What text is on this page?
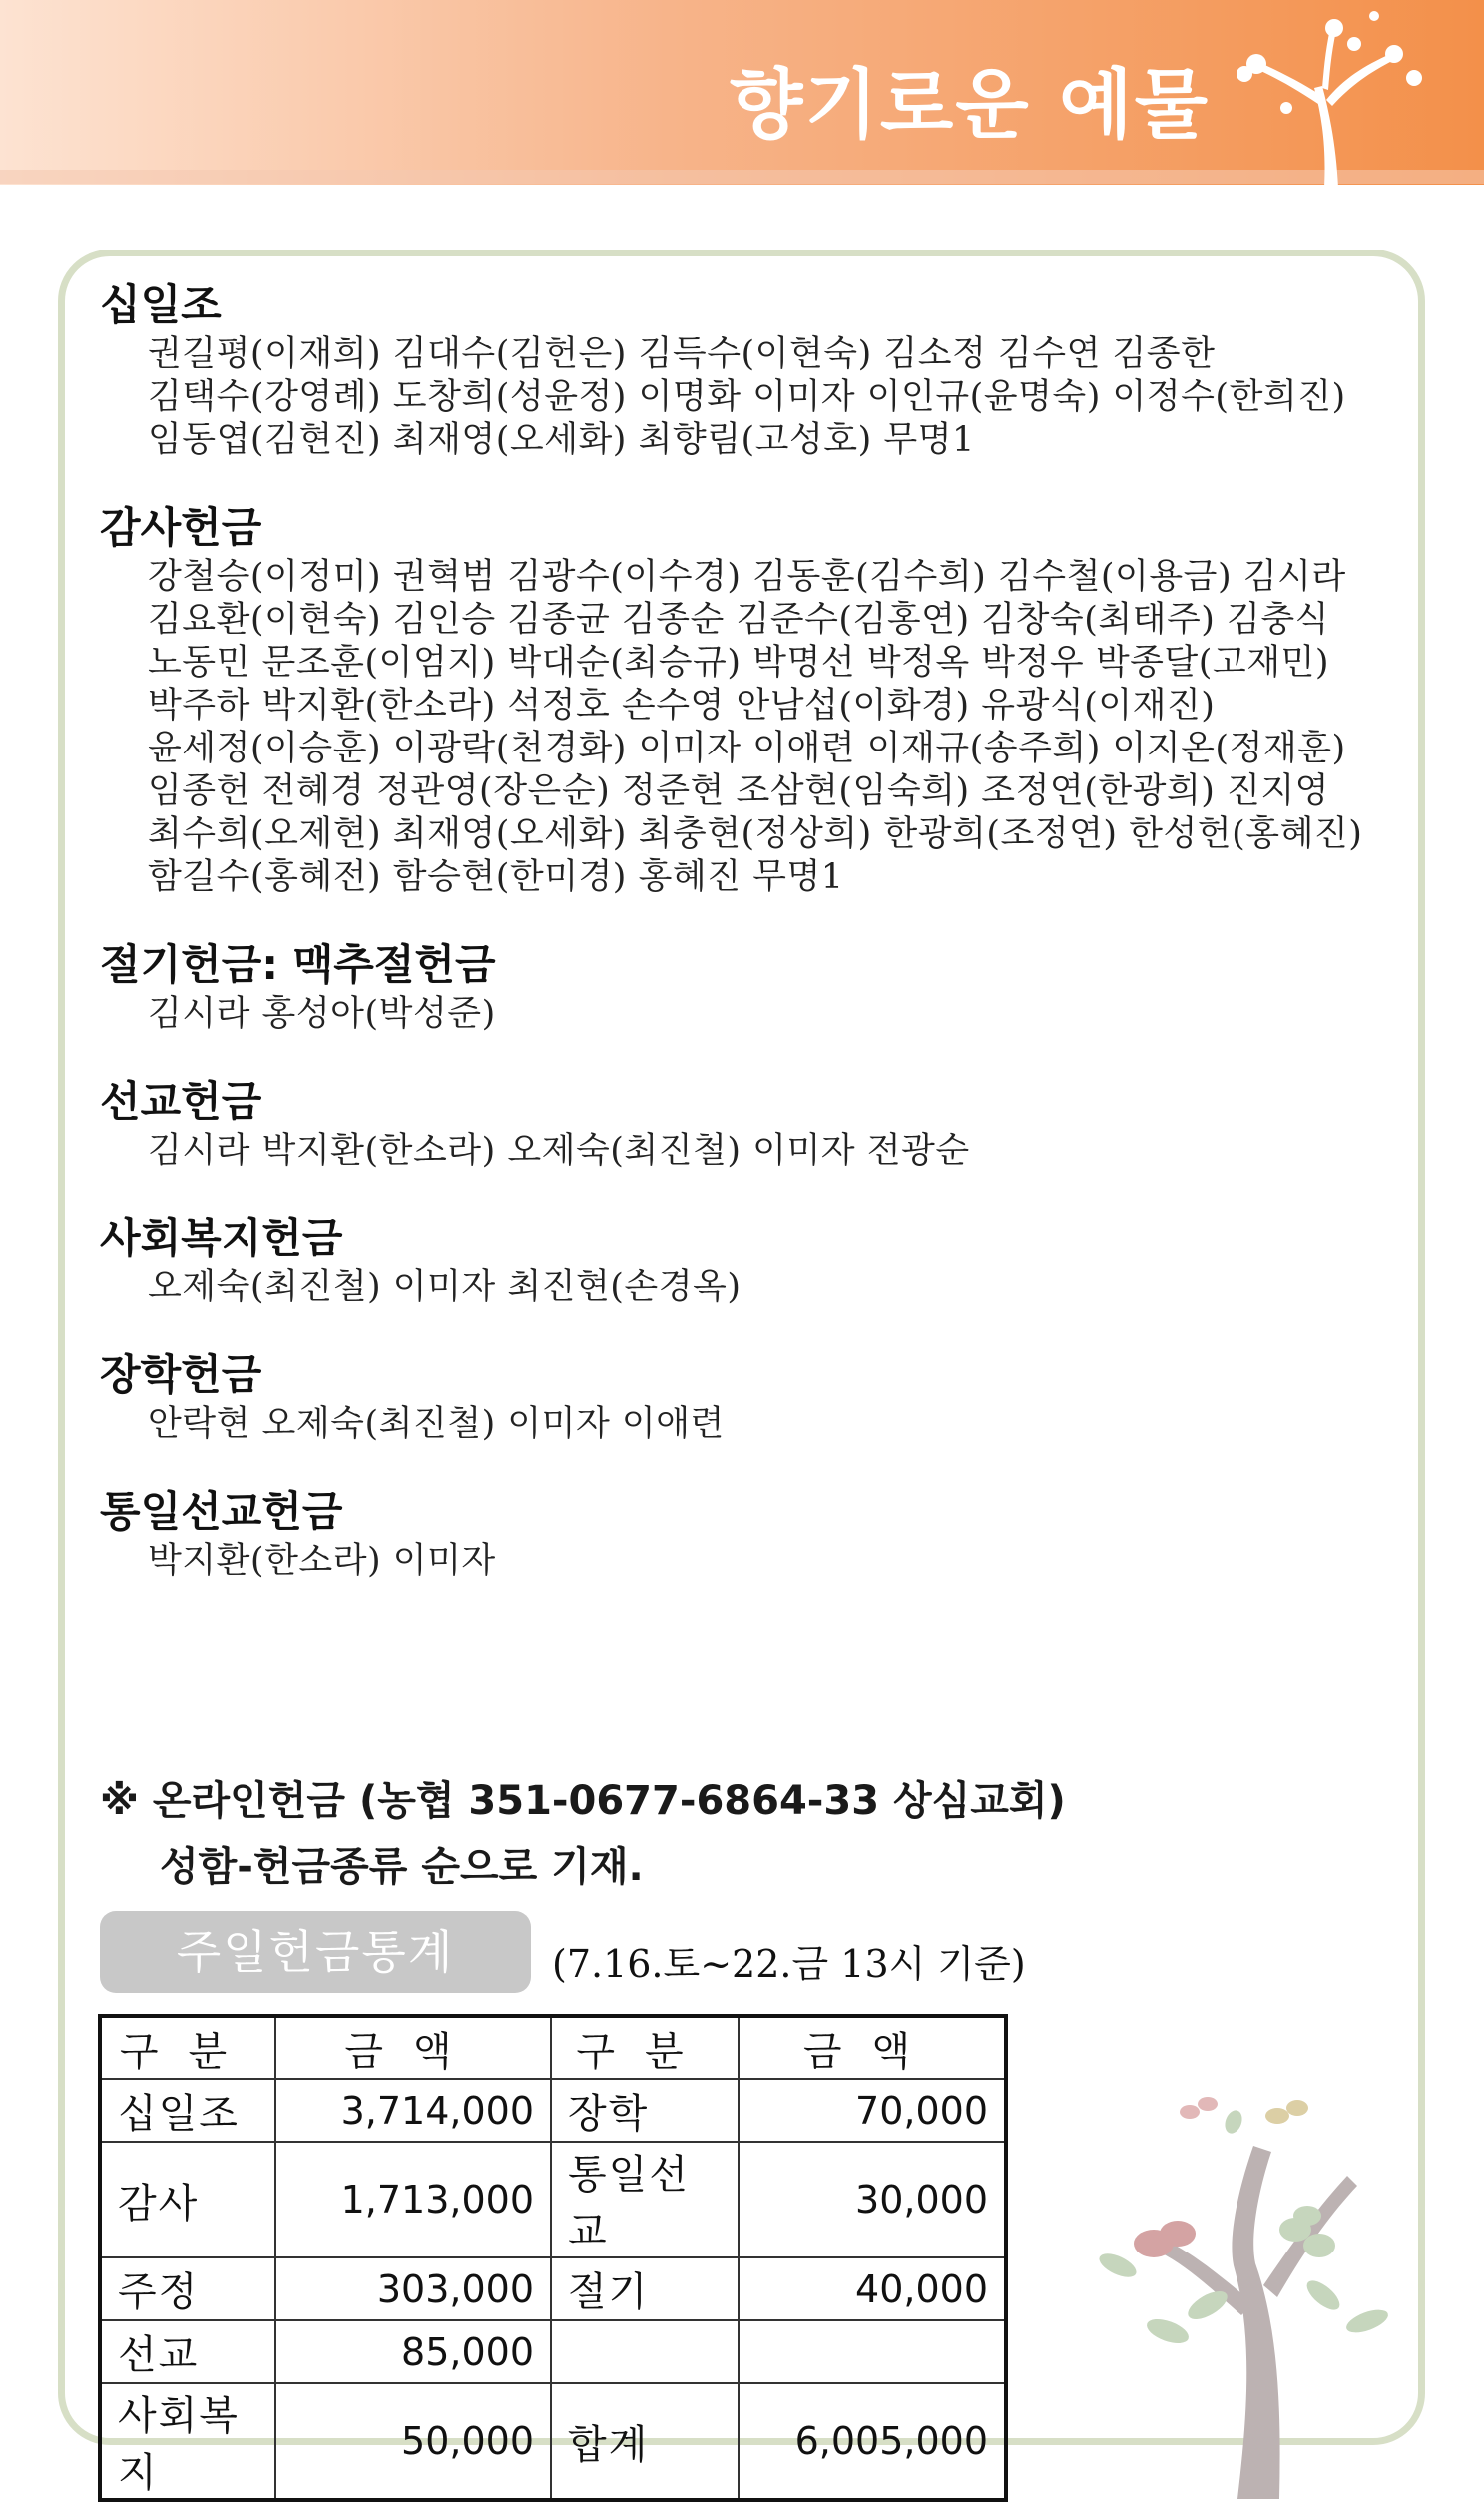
향기로운 예물
십일조
권길평(이재희) 김대수(김헌은) 김득수(이현숙) 김소정 김수연 김종한
김택수(강영례) 도창희(성윤정) 이명화 이미자 이인규(윤명숙) 이정수(한희진)
임동엽(김현진) 최재영(오세화) 최향림(고성호) 무명1
감사헌금
강철승(이정미) 권혁범 김광수(이수경) 김동훈(김수희) 김수철(이용금) 김시라
김요환(이현숙) 김인승 김종균 김종순 김준수(김홍연) 김창숙(최태주) 김충식
노동민 문조훈(이엄지) 박대순(최승규) 박명선 박정옥 박정우 박종달(고재민)
박주하 박지환(한소라) 석정호 손수영 안남섭(이화경) 유광식(이재진)
윤세정(이승훈) 이광락(천경화) 이미자 이애련 이재규(송주희) 이지온(정재훈)
임종헌 전혜경 정관영(장은순) 정준현 조삼현(임숙희) 조정연(한광희) 진지영
최수희(오제현) 최재영(오세화) 최충현(정상희) 한광희(조정연) 한성헌(홍혜진)
함길수(홍혜전) 함승현(한미경) 홍혜진 무명1
절기헌금: 맥추절헌금
김시라 홍성아(박성준)
선교헌금
김시라 박지환(한소라) 오제숙(최진철) 이미자 전광순
사회복지헌금
오제숙(최진철) 이미자 최진현(손경옥)
장학헌금
안락현 오제숙(최진철) 이미자 이애련
통일선교헌금
박지환(한소라) 이미자
※ 온라인헌금 (농협 351-0677-6864-33 상심교회)
성함-헌금종류 순으로 기재.
주일헌금통계	(7.16.토~22.금 13시 기준)
구분	금액	구분	금액
십일조	3,714,000	장학	70,000
감사	1,713,000	통일선교	30,000
주정	303,000	절기	40,000
선교	85,000		
사회복지	50,000	합계	6,005,000
